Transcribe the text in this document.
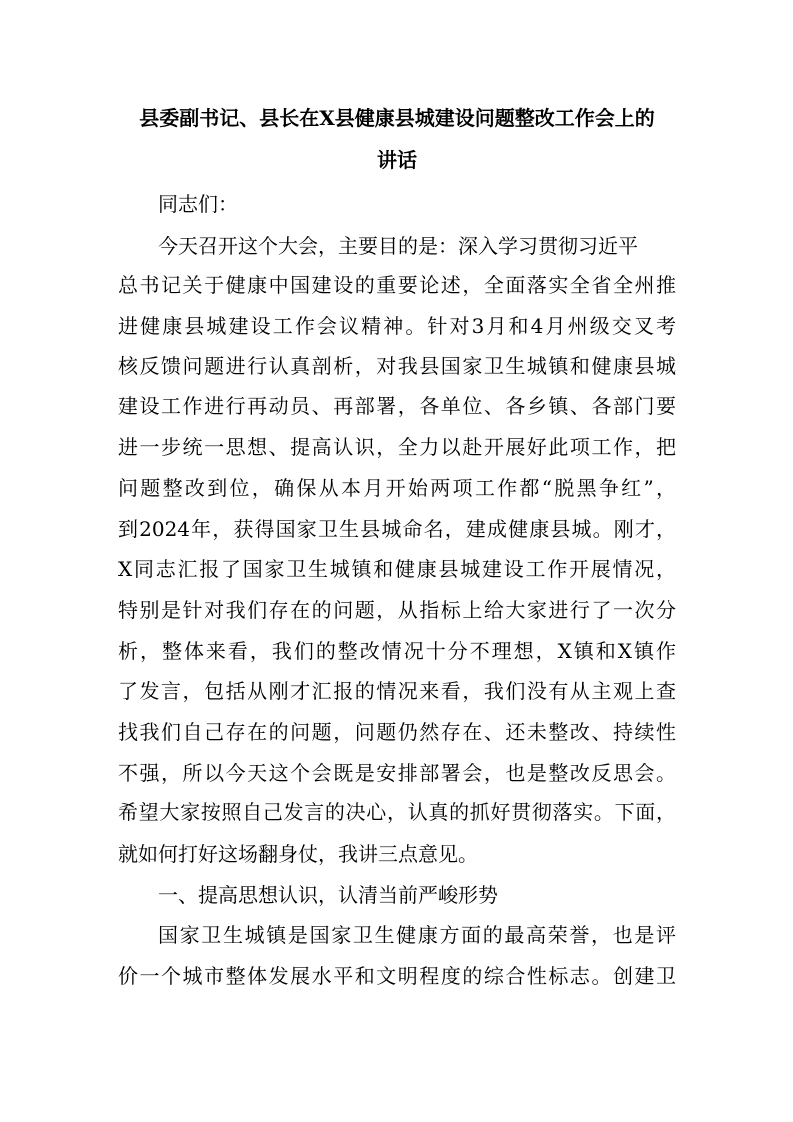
县委副书记、县长在X县健康县城建设问题整改工作会上的
讲话
同志们：
今天召开这个大会，主要目的是：深入学习贯彻习近平
总书记关于健康中国建设的重要论述，全面落实全省全州推
进健康县城建设工作会议精神。针对3月和4月州级交叉考
核反馈问题进行认真剖析，对我县国家卫生城镇和健康县城
建设工作进行再动员、再部署，各单位、各乡镇、各部门要
进一步统一思想、提高认识，全力以赴开展好此项工作，把
问题整改到位，确保从本月开始两项工作都“脱黑争红”，
到2024年，获得国家卫生县城命名，建成健康县城。刚才，
X同志汇报了国家卫生城镇和健康县城建设工作开展情况，
特别是针对我们存在的问题，从指标上给大家进行了一次分
析，整体来看，我们的整改情况十分不理想，X镇和X镇作
了发言，包括从刚才汇报的情况来看，我们没有从主观上查
找我们自己存在的问题，问题仍然存在、还未整改、持续性
不强，所以今天这个会既是安排部署会，也是整改反思会。
希望大家按照自己发言的决心，认真的抓好贯彻落实。下面，
就如何打好这场翻身仗，我讲三点意见。
一、提高思想认识，认清当前严峻形势
国家卫生城镇是国家卫生健康方面的最高荣誉，也是评
价一个城市整体发展水平和文明程度的综合性标志。创建卫
